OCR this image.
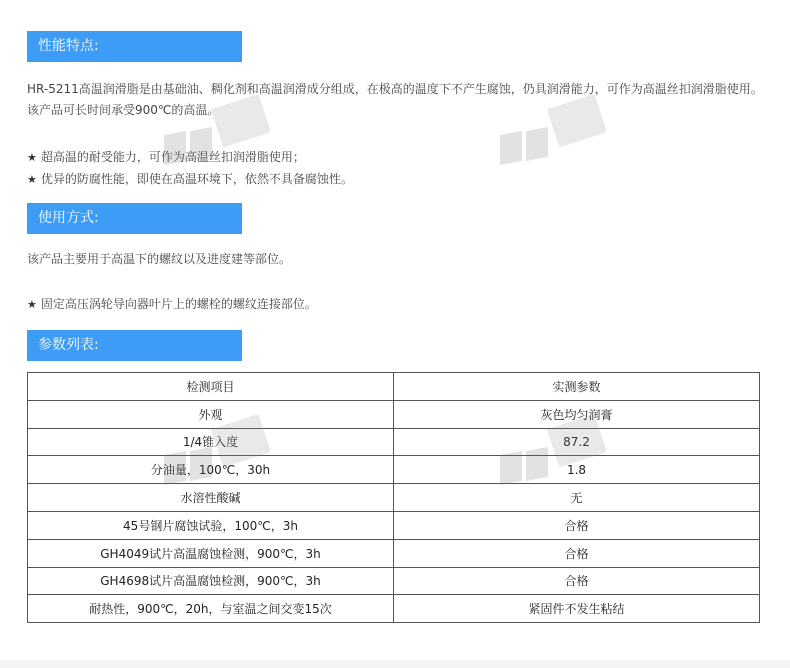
性能特点:

HR-5211高温润滑脂是由基础油、稠化剂和高温润滑成分组成，在极高的温度下不产生腐蚀，仍具润滑能力，可作为高温丝扣润滑脂使用。该产品可长时间承受900℃的高温。

★ 超高温的耐受能力，可作为高温丝扣润滑脂使用；

★ 优异的防腐性能，即使在高温环境下，依然不具备腐蚀性。

使用方式:

该产品主要用于高温下的螺纹以及进度建等部位。

★ 固定高压涡轮导向器叶片上的螺栓的螺纹连接部位。

参数列表:
检测项目	实测参数
外观	灰色均匀润膏
1/4锥入度	87.2
分油量，100℃，30h	1.8
水溶性酸碱	无
45号钢片腐蚀试验，100℃，3h	合格
GH4049试片高温腐蚀检测，900℃，3h	合格
GH4698试片高温腐蚀检测，900℃，3h	合格
耐热性，900℃，20h，与室温之间交变15次	紧固件不发生粘结
